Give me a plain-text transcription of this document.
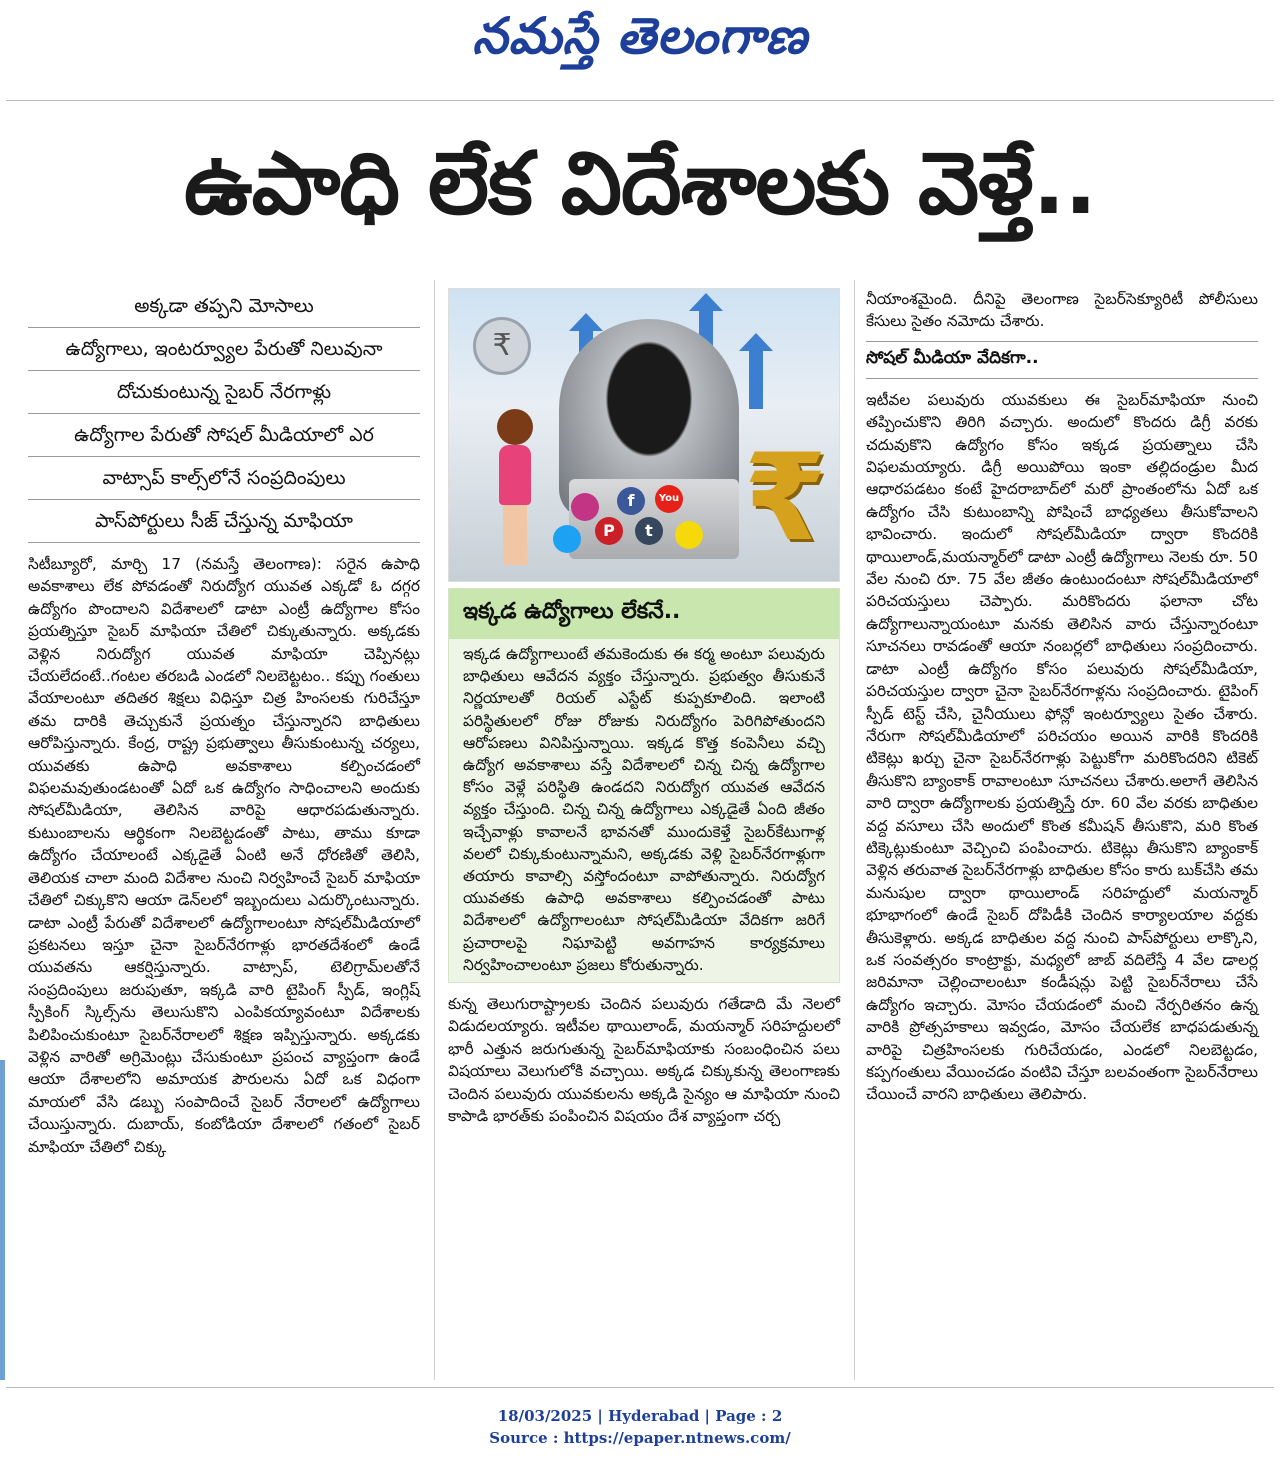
నమస్తే తెలంగాణ
ఉపాధి లేక విదేశాలకు వెళ్తే..
అక్కడా తప్పని మోసాలు
ఉద్యోగాలు, ఇంటర్వ్యూల పేరుతో నిలువునా
దోచుకుంటున్న సైబర్‌ నేరగాళ్లు
ఉద్యోగాల పేరుతో సోషల్‌ మీడియాలో ఎర
వాట్సాప్‌ కాల్స్‌లోనే సంప్రదింపులు
పాస్‌పోర్టులు సీజ్‌ చేస్తున్న మాఫియా

సిటీబ్యూరో, మార్చి 17 (నమస్తే తెలంగాణ): సరైన ఉపాధి అవకాశాలు లేక పోవడంతో నిరుద్యోగ యువత ఎక్కడో ఓ దగ్గర ఉద్యోగం పొందాలని విదేశాలలో డాటా ఎంట్రీ ఉద్యోగాల కోసం ప్రయత్నిస్తూ సైబర్‌ మాఫియా చేతిలో చిక్కుతున్నారు. అక్కడకు వెళ్లిన నిరుద్యోగ యువత మాఫియా చెప్పినట్లు చేయలేదంటే..గంటల తరబడి ఎండలో నిలబెట్టటం.. కప్పు గంతులు వేయాలంటూ తదితర శిక్షలు విధిస్తూ చిత్ర హింసలకు గురిచేస్తూ తమ దారికి తెచ్చుకునే ప్రయత్నం చేస్తున్నారని బాధితులు ఆరోపిస్తున్నారు. కేంద్ర, రాష్ట్ర ప్రభుత్వాలు తీసుకుంటున్న చర్యలు, యువతకు ఉపాధి అవకాశాలు కల్పించడంలో విఫలమవుతుండటంతో ఏదో ఒక ఉద్యోగం సాధించాలని అందుకు సోషల్‌మీడియా, తెలిసిన వారిపై ఆధారపడుతున్నారు. కుటుంబాలను ఆర్థికంగా నిలబెట్టడంతో పాటు, తాము కూడా ఉద్యోగం చేయాలంటే ఎక్కడైతే ఏంటి అనే ధోరణితో తెలిసి, తెలియక చాలా మంది విదేశాల నుంచి నిర్వహించే సైబర్‌ మాఫియా చేతిలో చిక్కుకొని ఆయా డెన్‌లలో ఇబ్బందులు ఎదుర్కొంటున్నారు. డాటా ఎంట్రీ పేరుతో విదేశాలలో ఉద్యోగాలంటూ సోషల్‌మీడియాలో ప్రకటనలు ఇస్తూ చైనా సైబర్‌నేరగాళ్లు భారతదేశంలో ఉండే యువతను ఆకర్షిస్తున్నారు. వాట్సాప్‌, టెలిగ్రామ్‌లతోనే సంప్రదింపులు జరుపుతూ, ఇక్కడి వారి టైపింగ్‌ స్పీడ్‌, ఇంగ్లిష్‌ స్పీకింగ్‌ స్కిల్స్‌ను తెలుసుకొని ఎంపికయ్యావంటూ విదేశాలకు పిలిపించుకుంటూ సైబర్‌నేరాలలో శిక్షణ ఇప్పిస్తున్నారు. అక్కడకు వెళ్లిన వారితో అగ్రిమెంట్లు చేసుకుంటూ ప్రపంచ వ్యాప్తంగా ఉండే ఆయా దేశాలలోని అమాయక పౌరులను ఏదో ఒక విధంగా మాయలో వేసి డబ్బు సంపాదించే సైబర్‌ నేరాలలో ఉద్యోగాలు చేయిస్తున్నారు. దుబాయ్‌, కంబోడియా దేశాలలో గతంలో సైబర్‌ మాఫియా చేతిలో చిక్కు

₹
f	You
t
P ₹
ఇక్కడ ఉద్యోగాలు లేకనే..

ఇక్కడ ఉద్యోగాలుంటే తమకెందుకు ఈ కర్మ అంటూ పలువురు బాధితులు ఆవేదన వ్యక్తం చేస్తున్నారు. ప్రభుత్వం తీసుకునే నిర్ణయాలతో రియల్‌ ఎస్టేట్‌ కుప్పకూలింది. ఇలాంటి పరిస్థితులలో రోజు రోజుకు నిరుద్యోగం పెరిగిపోతుందని ఆరోపణలు వినిపిస్తున్నాయి. ఇక్కడ కొత్త కంపెనీలు వచ్చి ఉద్యోగ అవకాశాలు వస్తే విదేశాలలో చిన్న చిన్న ఉద్యోగాల కోసం వెళ్లే పరిస్థితి ఉండదని నిరుద్యోగ యువత ఆవేదన వ్యక్తం చేస్తుంది. చిన్న చిన్న ఉద్యోగాలు ఎక్కడైతే ఏంది జీతం ఇచ్చేవాళ్లు కావాలనే భావనతో ముందుకెళ్తే సైబర్‌కేటుగాళ్ల వలలో చిక్కుకుంటున్నామని, అక్కడకు వెళ్లి సైబర్‌నేరగాళ్లుగా తయారు కావాల్సి వస్తోందంటూ వాపోతున్నారు. నిరుద్యోగ యువతకు ఉపాధి అవకాశాలు కల్పించడంతో పాటు విదేశాలలో ఉద్యోగాలంటూ సోషల్‌మీడియా వేదికగా జరిగే ప్రచారాలపై నిఘాపెట్టి అవగాహన కార్యక్రమాలు నిర్వహించాలంటూ ప్రజలు కోరుతున్నారు.

కున్న తెలుగురాష్ట్రాలకు చెందిన పలువురు గతేడాది మే నెలలో విడుదలయ్యారు. ఇటీవల థాయిలాండ్‌, మయన్మార్‌ సరిహద్దులలో భారీ ఎత్తున జరుగుతున్న సైబర్‌మాఫియాకు సంబంధించిన పలు విషయాలు వెలుగులోకి వచ్చాయి. అక్కడ చిక్కుకున్న తెలంగాణకు చెందిన పలువురు యువకులను అక్కడి సైన్యం ఆ మాఫియా నుంచి కాపాడి భారత్‌కు పంపించిన విషయం దేశ వ్యాప్తంగా చర్చ

నీయాంశమైంది. దీనిపై తెలంగాణ సైబర్‌సెక్యూరిటీ పోలీసులు కేసులు సైతం నమోదు చేశారు.

సోషల్‌ మీడియా వేదికగా..

ఇటీవల పలువురు యువకులు ఈ సైబర్‌మాఫియా నుంచి తప్పించుకొని తిరిగి వచ్చారు. అందులో కొందరు డిగ్రీ వరకు చదువుకొని ఉద్యోగం కోసం ఇక్కడ ప్రయత్నాలు చేసి విఫలమయ్యారు. డిగ్రీ అయిపోయి ఇంకా తల్లిదండ్రుల మీద ఆధారపడటం కంటే హైదరాబాద్‌లో మరో ప్రాంతంలోను ఏదో ఒక ఉద్యోగం చేసి కుటుంబాన్ని పోషించే బాధ్యతలు తీసుకోవాలని భావించారు. ఇందులో సోషల్‌మీడియా ద్వారా కొందరికి థాయిలాండ్‌,మయన్మార్‌లో డాటా ఎంట్రీ ఉద్యోగాలు నెలకు రూ. 50 వేల నుంచి రూ. 75 వేల జీతం ఉంటుందంటూ సోషల్‌మీడియాలో పరిచయస్తులు చెప్పారు. మరికొందరు ఫలానా చోట ఉద్యోగాలున్నాయంటూ మనకు తెలిసిన వారు చేస్తున్నారంటూ సూచనలు రావడంతో ఆయా నంబర్లలో బాధితులు సంప్రదించారు. డాటా ఎంట్రీ ఉద్యోగం కోసం పలువురు సోషల్‌మీడియా, పరిచయస్తుల ద్వారా చైనా సైబర్‌నేరగాళ్లను సంప్రదించారు. టైపింగ్‌ స్పీడ్‌ టెస్ట్‌ చేసి, చైనీయులు ఫోన్లో ఇంటర్వ్యూలు సైతం చేశారు. నేరుగా సోషల్‌మీడియాలో పరిచయం అయిన వారికి కొందరికి టికెట్లు ఖర్చు చైనా సైబర్‌నేరగాళ్లు పెట్టుకోగా మరికొందరిని టికెట్‌ తీసుకొని బ్యాంకాక్‌ రావాలంటూ సూచనలు చేశారు.అలాగే తెలిసిన వారి ద్వారా ఉద్యోగాలకు ప్రయత్నిస్తే రూ. 60 వేల వరకు బాధితుల వద్ద వసూలు చేసి అందులో కొంత కమీషన్‌ తీసుకొని, మరి కొంత టిక్కెట్లుకుంటూ వెచ్చించి పంపించారు. టికెట్లు తీసుకొని బ్యాంకాక్‌ వెళ్లిన తరువాత సైబర్‌నేరగాళ్లు బాధితుల కోసం కారు బుక్‌చేసి తమ మనుషుల ద్వారా థాయిలాండ్‌ సరిహద్దులో మయన్మార్‌ భూభాగంలో ఉండే సైబర్‌ దోపిడీకి చెందిన కార్యాలయాల వద్దకు తీసుకెళ్లారు. అక్కడ బాధితుల వద్ద నుంచి పాస్‌పోర్టులు లాక్కొని, ఒక సంవత్సరం కాంట్రాక్టు, మధ్యలో జాబ్‌ వదిలేస్తే 4 వేల డాలర్ల జరిమానా చెల్లించాలంటూ కండీషన్లు పెట్టి సైబర్‌నేరాలు చేసే ఉద్యోగం ఇచ్చారు. మోసం చేయడంలో మంచి నేర్పరితనం ఉన్న వారికి ప్రోత్సహకాలు ఇవ్వడం, మోసం చేయలేక బాధపడుతున్న వారిపై చిత్రహింసలకు గురిచేయడం, ఎండలో నిలబెట్టడం, కప్పగంతులు వేయించడం వంటివి చేస్తూ బలవంతంగా సైబర్‌నేరాలు చేయించే వారని బాధితులు తెలిపారు.

18/03/2025 | Hyderabad | Page : 2
Source : https://epaper.ntnews.com/
